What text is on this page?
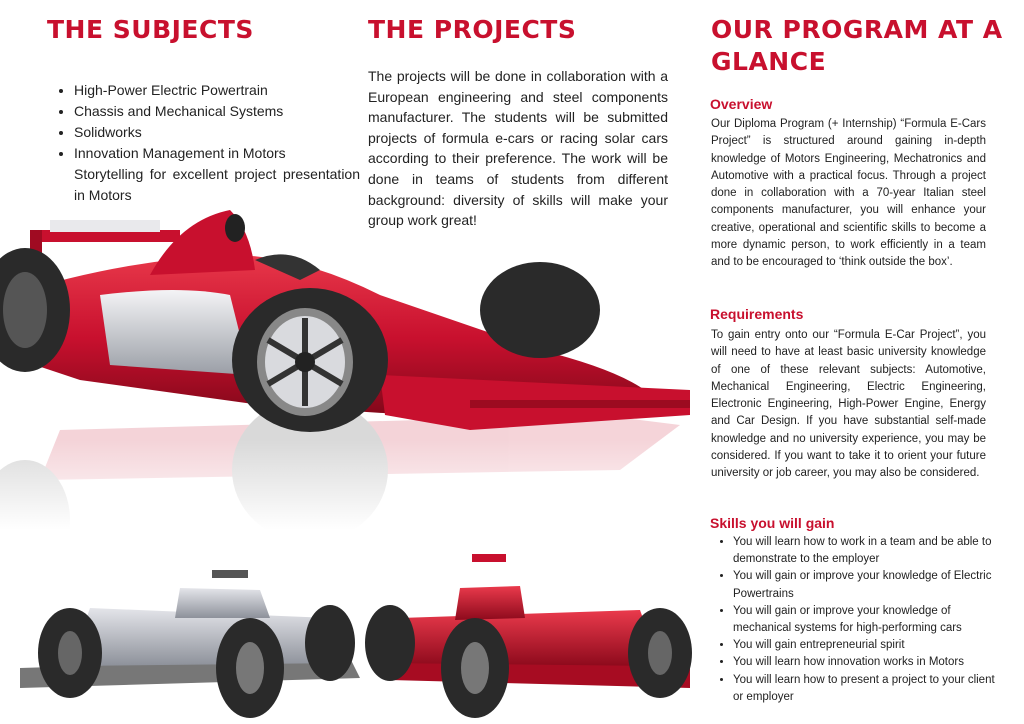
THE SUBJECTS
• High-Power Electric Powertrain
• Chassis and Mechanical Systems
• Solidworks
• Innovation Management in Motors
Storytelling for excellent project presentation in Motors
THE PROJECTS

The projects will be done in collaboration with a European engineering and steel components manufacturer. The students will be submitted projects of formula e-cars or racing solar cars according to their preference. The work will be done in teams of students from different background: diversity of skills will make your group work great!

OUR PROGRAM AT A GLANCE
Overview

Our Diploma Program (+ Internship) “Formula E-Cars Project” is structured around gaining in-depth knowledge of Motors Engineering, Mechatronics and Automotive with a practical focus. Through a project done in collaboration with a 70-year Italian steel components manufacturer, you will enhance your creative, operational and scientific skills to become a more dynamic person, to work efficiently in a team and to be encouraged to ‘think outside the box’.

Requirements

To gain entry onto our “Formula E-Car Project”, you will need to have at least basic university knowledge of one of these relevant subjects: Automotive, Mechanical Engineering, Electric Engineering, Electronic Engineering, High-Power Engine, Energy and Car Design. If you have substantial self-made knowledge and no university experience, you may be considered. If you want to take it to orient your future university or job career, you may also be considered.

Skills you will gain
• You will learn how to work in a team and be able to demonstrate to the employer
• You will gain or improve your knowledge of Electric Powertrains
• You will gain or improve your knowledge of mechanical systems for high-performing cars
• You will gain entrepreneurial spirit
• You will learn how innovation works in Motors
• You will learn how to present a project to your client or employer
